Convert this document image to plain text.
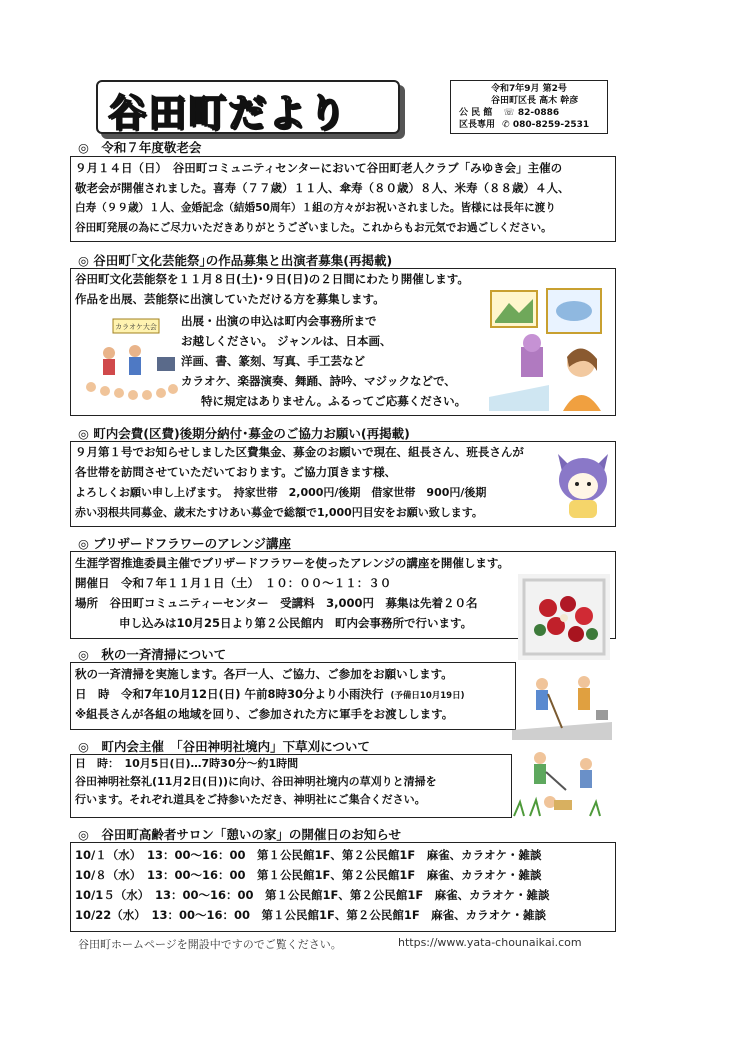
谷田町だより
令和7年9月 第2号
谷田町区長 高木 幹彦
公 民 館 ☏ 82-0886
区長専用 ✆ 080-8259-2531
◎　令和７年度敬老会
９月１４日（日）　谷田町コミュニティセンターにおいて谷田町老人クラブ「みゆき会」主催の
敬老会が開催されました。喜寿（７７歳）１１人、傘寿（８０歳）８人、米寿（８８歳）４人、
白寿（９９歳）１人、金婚記念（結婚50周年）１組の方々がお祝いされました。皆様には長年に渡り
谷田町発展の為にご尽力いただきありがとうございました。これからもお元気でお過ごしください。
◎ 谷田町｢文化芸能祭｣の作品募集と出演者募集(再掲載)
谷田町文化芸能祭を１１月８日(土)･９日(日)の２日間にわたり開催します。
作品を出展、芸能祭に出演していただける方を募集します。
出展・出演の申込は町内会事務所まで
お越しください。 ジャンルは、日本画、
洋画、書、篆刻、写真、手工芸など
カラオケ、楽器演奏、舞踊、詩吟、マジックなどで、
特に規定はありません。ふるってご応募ください。
カラオケ大会
◎ 町内会費(区費)後期分納付･募金のご協力お願い(再掲載)
９月第１号でお知らせしました区費集金、募金のお願いで現在、組長さん、班長さんが
各世帯を訪問させていただいております。ご協力頂きます様、
よろしくお願い申し上げます。　持家世帯　2,000円/後期　借家世帯　900円/後期
赤い羽根共同募金、歳末たすけあい募金で総額で1,000円目安をお願い致します。
◎ ブリザードフラワーのアレンジ講座
生涯学習推進委員主催でブリザードフラワーを使ったアレンジの講座を開催します。
開催日　令和７年１１月１日（土）　１０：００～１１：３０
場所　谷田町コミュニティーセンター　受講料　3,000円　募集は先着２０名
申し込みは10月25日より第２公民館内　町内会事務所で行います。
◎　秋の一斉清掃について
秋の一斉清掃を実施します。各戸一人、ご協力、ご参加をお願いします。
日　時　令和7年10月12日(日) 午前8時30分より小雨決行 (予備日10月19日)
※組長さんが各組の地域を回り、ご参加された方に軍手をお渡しします。
◎　町内会主催　「谷田神明社境内」下草刈について
日　時：　10月5日(日)…7時30分～約1時間
谷田神明社祭礼(11月2日(日))に向け、谷田神明社境内の草刈りと清掃を
行います。それぞれ道具をご持参いただき、神明社にご集合ください。
◎　谷田町高齢者サロン「憩いの家」の開催日のお知らせ
10/１（水）　13：00～16：00　第１公民館1F、第２公民館1F　麻雀、カラオケ・雑談
10/８（水）　13：00～16：00　第１公民館1F、第２公民館1F　麻雀、カラオケ・雑談
10/1５（水）　13：00～16：00　第１公民館1F、第２公民館1F　麻雀、カラオケ・雑談
10/22（水）　13：00～16：00　第１公民館1F、第２公民館1F　麻雀、カラオケ・雑談
谷田町ホームページを開設中ですのでご覧ください。	https://www.yata-chounaikai.com
